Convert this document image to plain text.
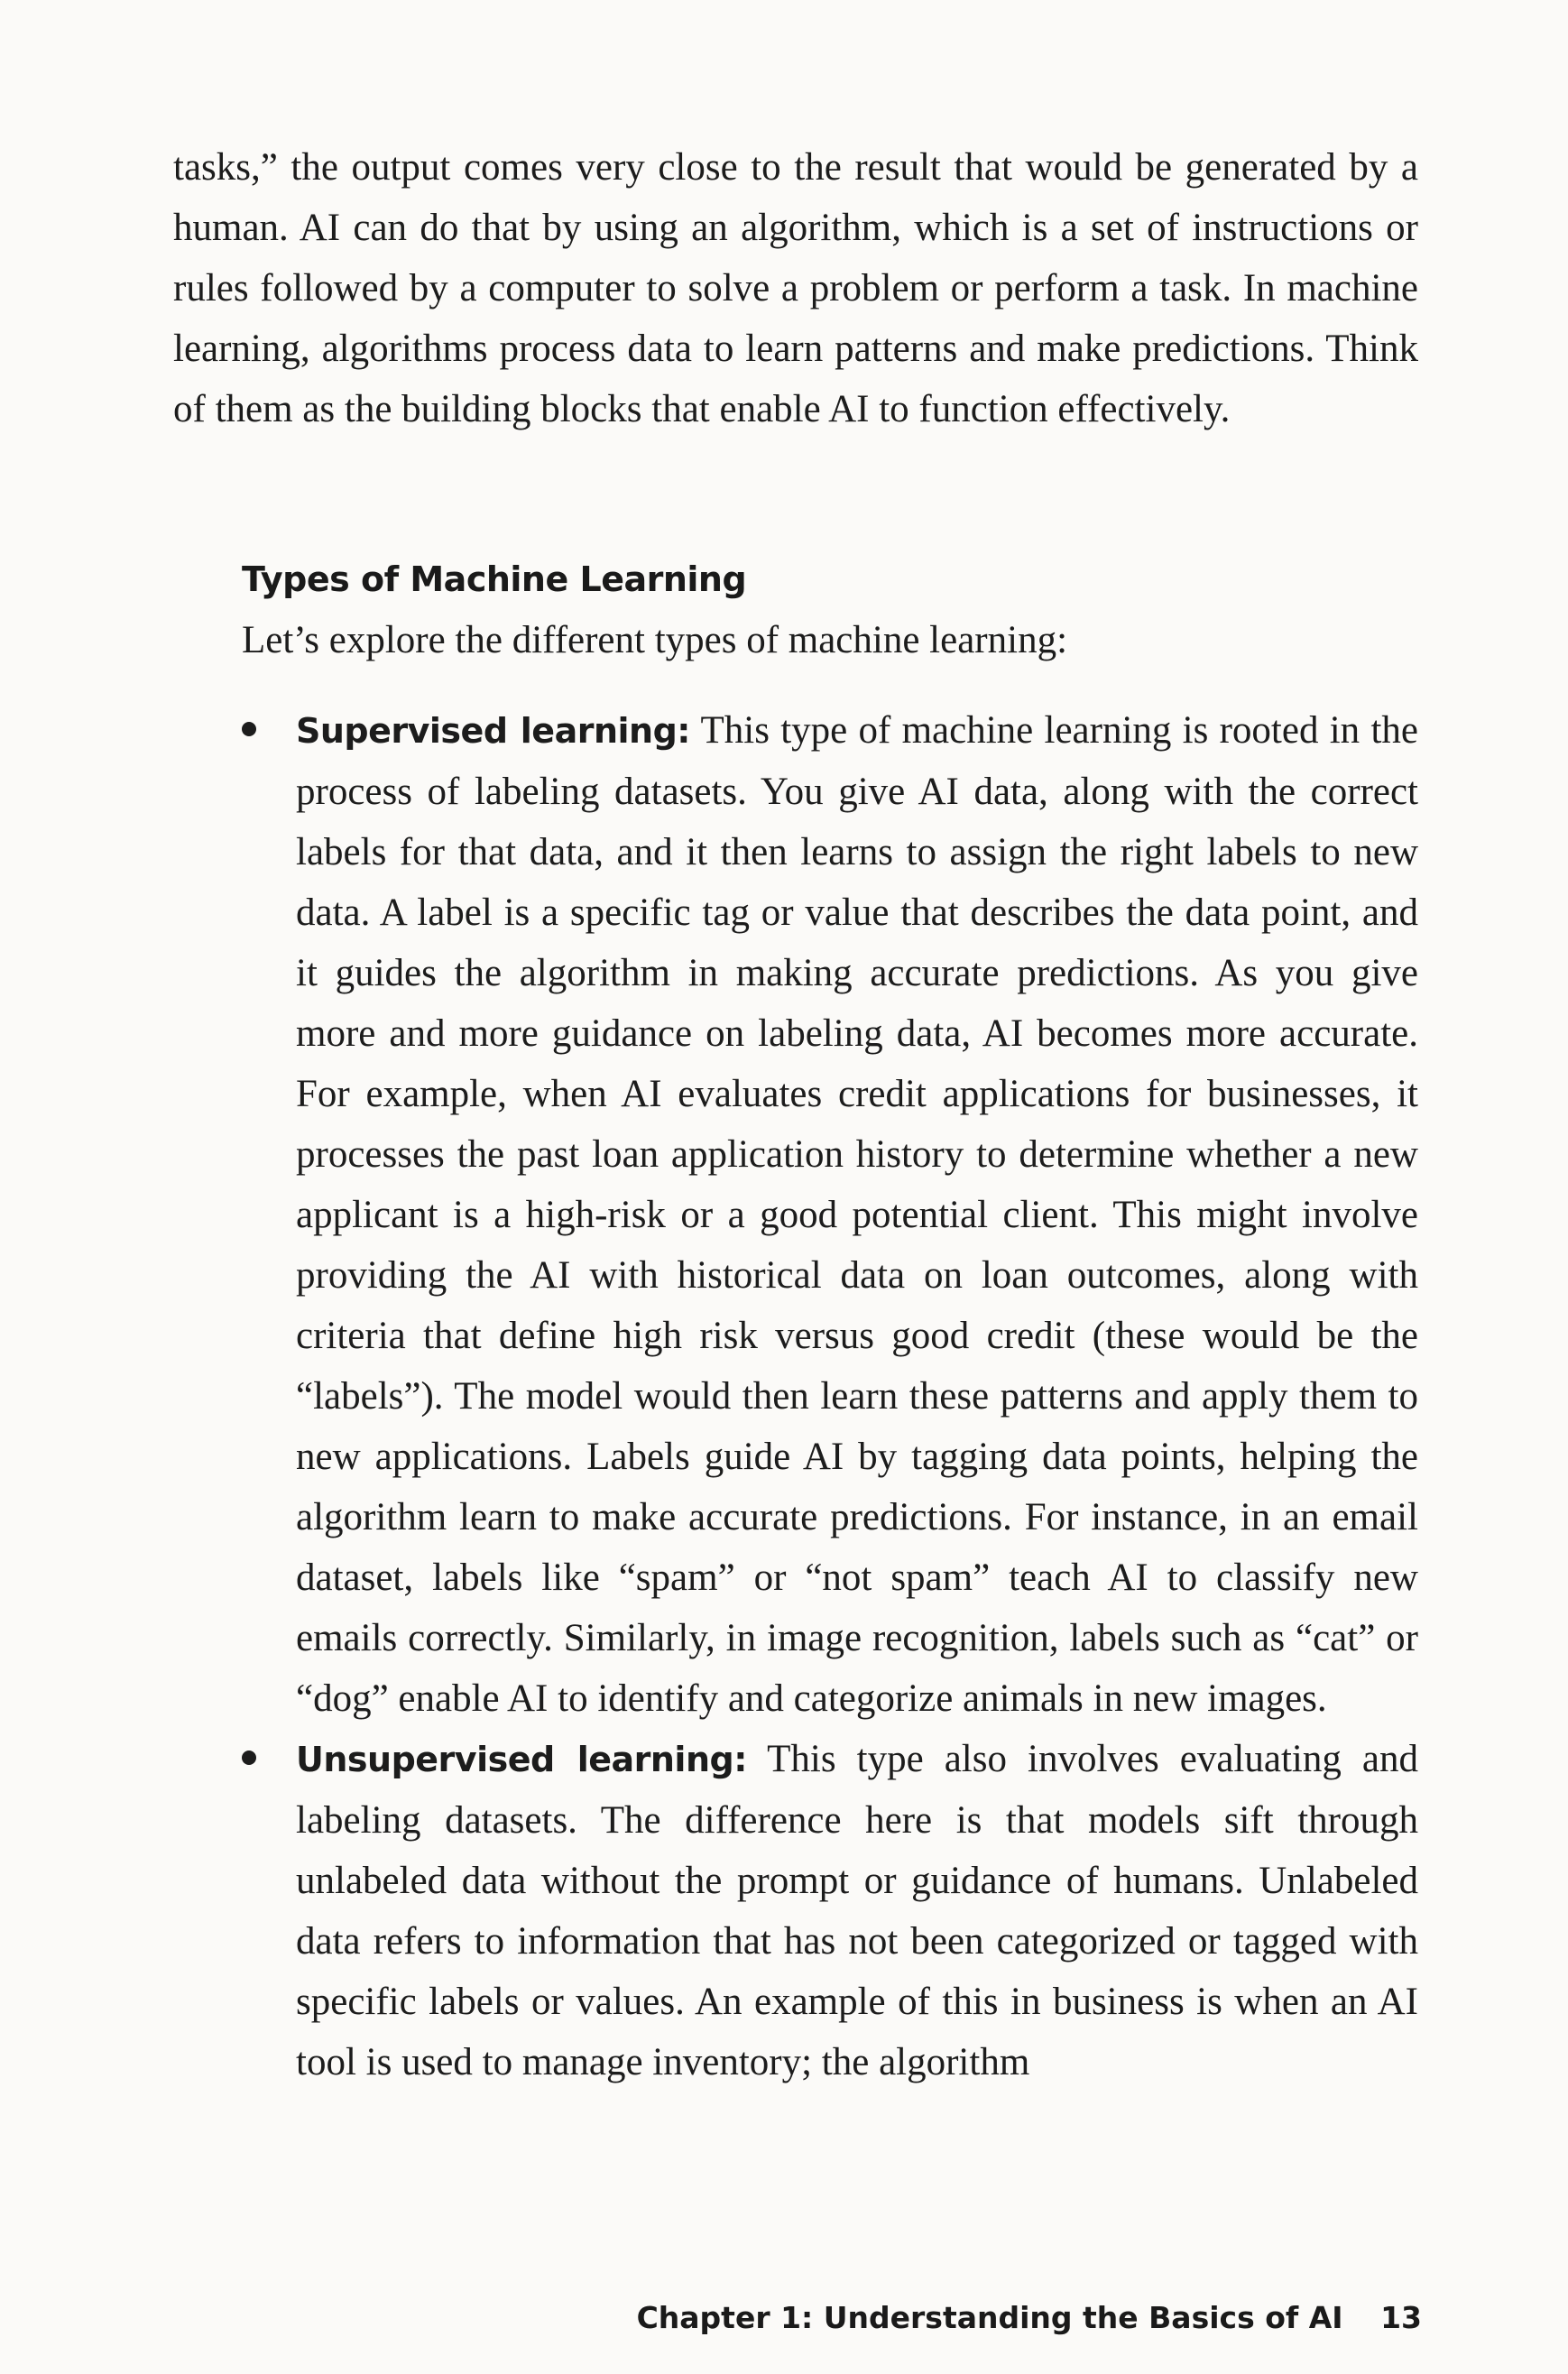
tasks,” the output comes very close to the result that would be generated by a human. AI can do that by using an algorithm, which is a set of instructions or rules followed by a computer to solve a problem or perform a task. In machine learning, algorithms process data to learn patterns and make predictions. Think of them as the building blocks that enable AI to function effectively.

Types of Machine Learning

Let’s explore the different types of machine learning:

Supervised learning: This type of machine learning is rooted in the process of labeling datasets. You give AI data, along with the correct labels for that data, and it then learns to assign the right labels to new data. A label is a specific tag or value that describes the data point, and it guides the algorithm in making accurate predictions. As you give more and more guidance on labeling data, AI becomes more accurate. For example, when AI evaluates credit applications for businesses, it processes the past loan application history to determine whether a new applicant is a high-risk or a good potential client. This might involve providing the AI with historical data on loan outcomes, along with criteria that define high risk versus good credit (these would be the “labels”). The model would then learn these patterns and apply them to new applications. Labels guide AI by tagging data points, helping the algorithm learn to make accurate predictions. For instance, in an email dataset, labels like “spam” or “not spam” teach AI to classify new emails correctly. Similarly, in image recognition, labels such as “cat” or “dog” enable AI to identify and categorize animals in new images.
Unsupervised learning: This type also involves evaluating and labeling datasets. The difference here is that models sift through unlabeled data without the prompt or guidance of humans. Unlabeled data refers to information that has not been categorized or tagged with specific labels or values. An example of this in business is when an AI tool is used to manage inventory; the algorithm
Chapter 1: Understanding the Basics of AI 13
